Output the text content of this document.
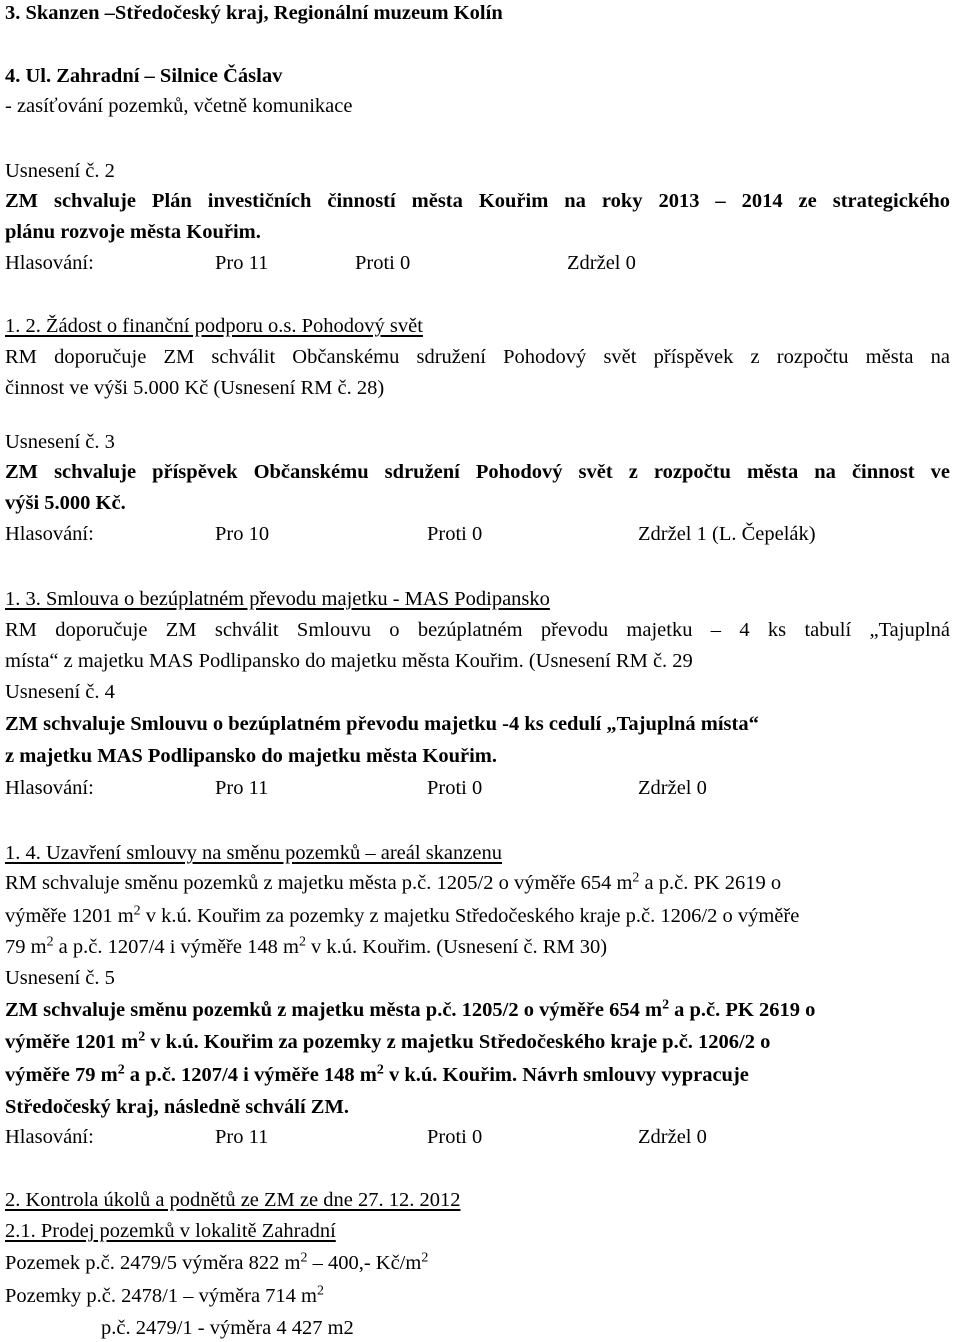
3. Skanzen –Středočeský kraj, Regionální muzeum Kolín
4. Ul. Zahradní – Silnice Čáslav
- zasíťování pozemků, včetně komunikace
Usnesení č. 2
ZM schvaluje Plán investičních činností města Kouřim na roky 2013 – 2014 ze strategického
plánu rozvoje města Kouřim.
Hlasování:	Pro 11	Proti 0	Zdržel 0
1. 2. Žádost o finanční podporu o.s. Pohodový svět
RM doporučuje ZM schválit Občanskému sdružení Pohodový svět příspěvek z rozpočtu města na
činnost ve výši 5.000 Kč (Usnesení RM č. 28)
Usnesení č. 3
ZM schvaluje příspěvek Občanskému sdružení Pohodový svět z rozpočtu města na činnost ve
výši 5.000 Kč.
Hlasování:	Pro 10	Proti 0	Zdržel 1 (L. Čepelák)
1. 3. Smlouva o bezúplatném převodu majetku - MAS Podipansko
RM doporučuje ZM schválit Smlouvu o bezúplatném převodu majetku – 4 ks tabulí „Tajuplná
místa“ z majetku MAS Podlipansko do majetku města Kouřim. (Usnesení RM č. 29
Usnesení č. 4
ZM schvaluje Smlouvu o bezúplatném převodu majetku -4 ks cedulí „Tajuplná místa“
z majetku MAS Podlipansko do majetku města Kouřim.
Hlasování:	Pro 11	Proti 0	Zdržel 0
1. 4. Uzavření smlouvy na směnu pozemků – areál skanzenu
RM schvaluje směnu pozemků z majetku města p.č. 1205/2 o výměře 654 $m^2$ a p.č. PK 2619 o
výměře 1201 $m^2$ v k.ú. Kouřim za pozemky z majetku Středočeského kraje p.č. 1206/2 o výměře
79 $m^2$ a p.č. 1207/4 i výměře 148 $m^2$ v k.ú. Kouřim. (Usnesení č. RM 30)
Usnesení č. 5
ZM schvaluje směnu pozemků z majetku města p.č. 1205/2 o výměře 654 $m^2$ a p.č. PK 2619 o
výměře 1201 $m^2$ v k.ú. Kouřim za pozemky z majetku Středočeského kraje p.č. 1206/2 o
výměře 79 $m^2$ a p.č. 1207/4 i výměře 148 $m^2$ v k.ú. Kouřim. Návrh smlouvy vypracuje
Středočeský kraj, následně schválí ZM.
Hlasování:	Pro 11	Proti 0	Zdržel 0
2. Kontrola úkolů a podnětů ze ZM ze dne 27. 12. 2012
2.1. Prodej pozemků v lokalitě Zahradní
Pozemek p.č. 2479/5 výměra 822 $m^2 - 400,-$ $Kč/m^2$
Pozemky p.č. 2478/1 – výměra 714 $m^2$
p.č. 2479/1 - výměra 4 427 m2
